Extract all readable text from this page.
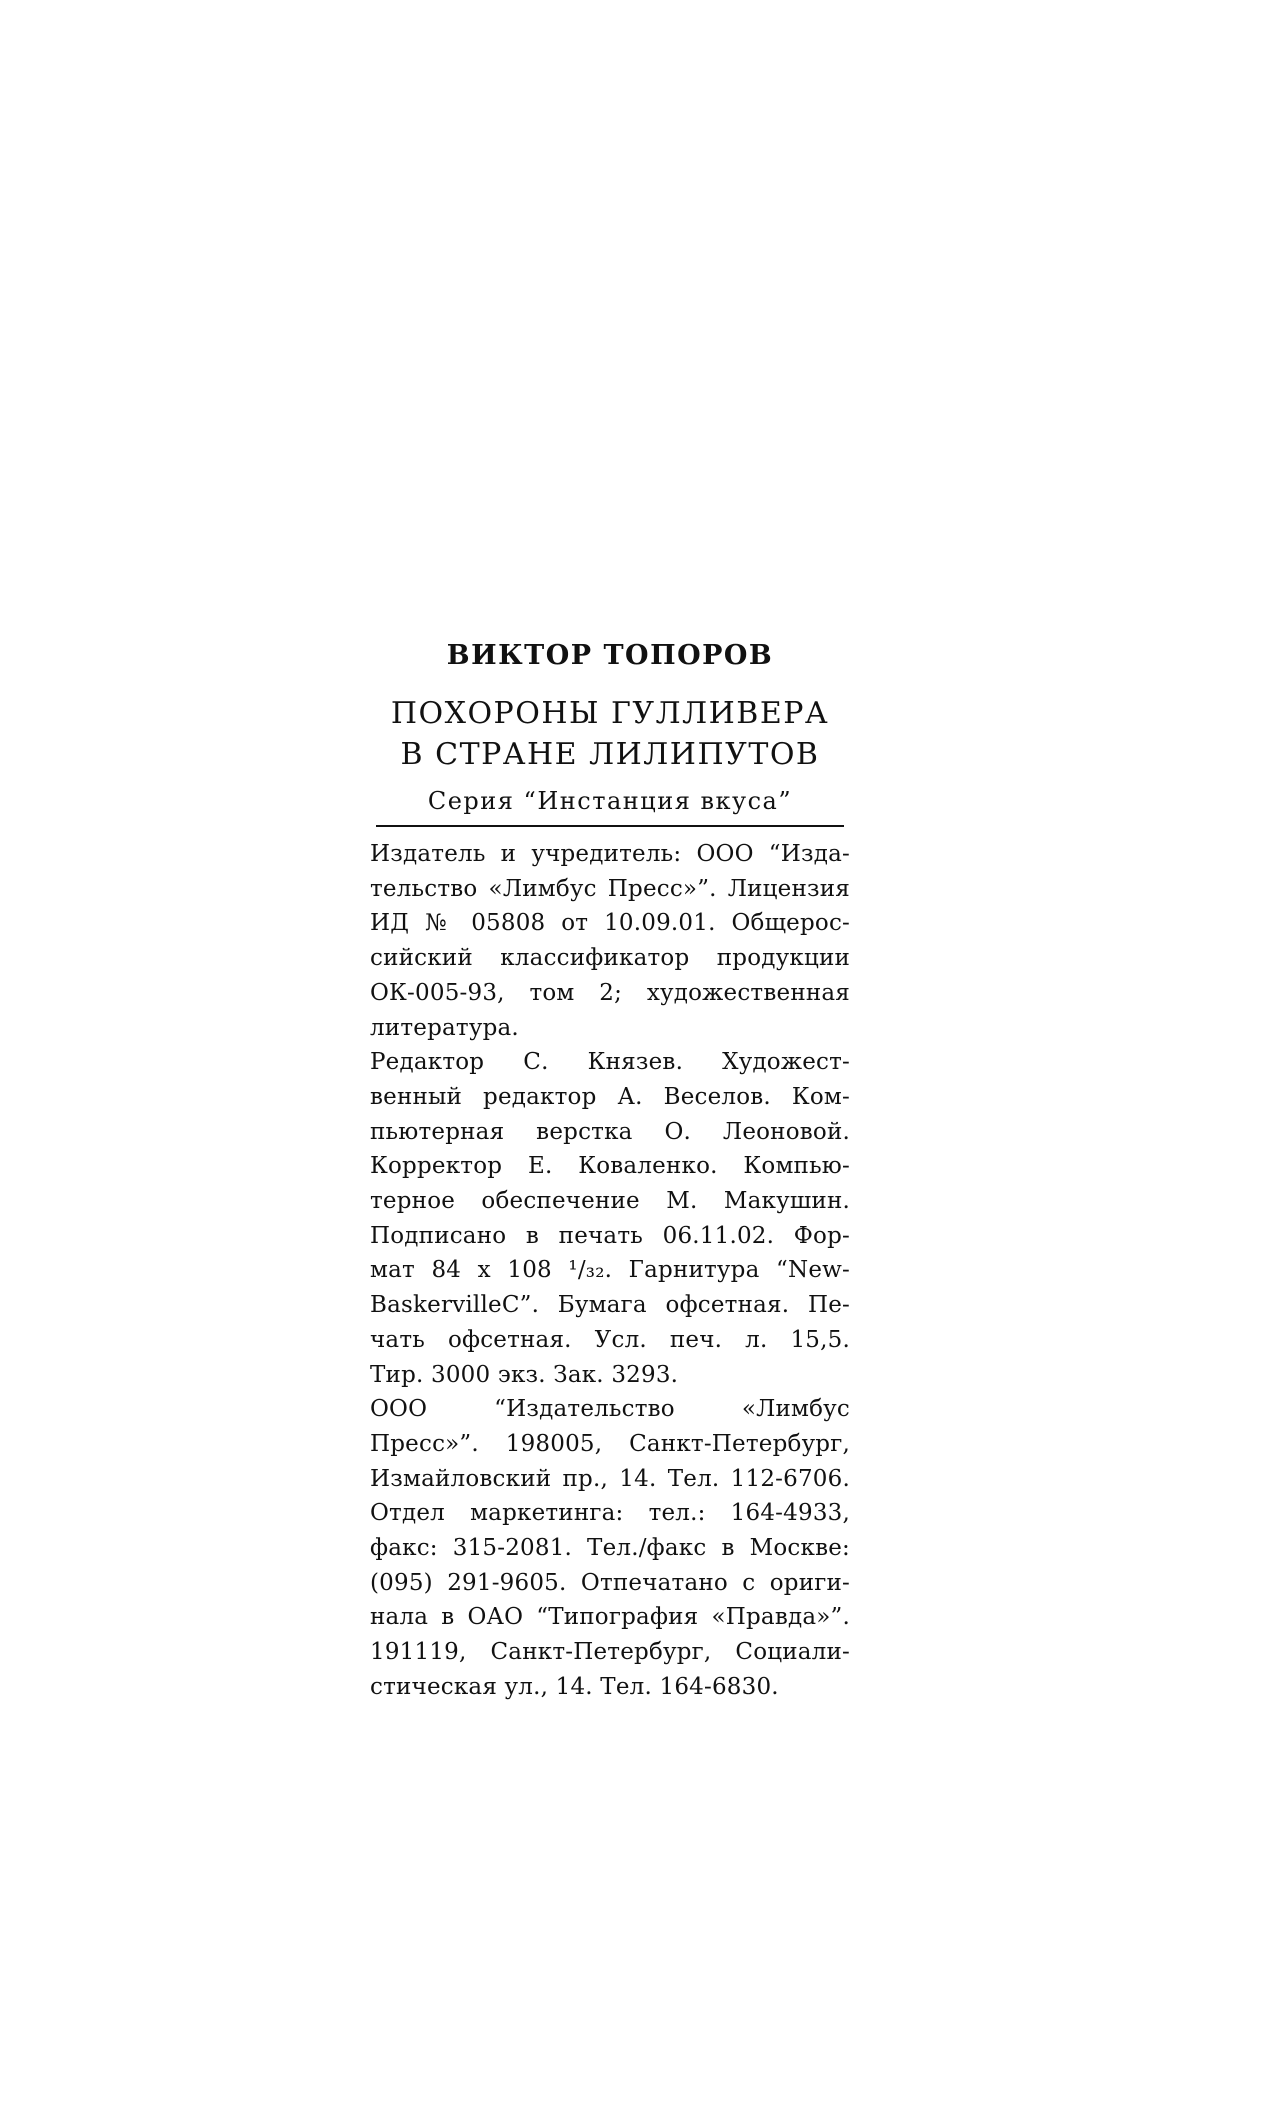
ВИКТОР ТОПОРОВ
ПОХОРОНЫ ГУЛЛИВЕРА
В СТРАНЕ ЛИЛИПУТОВ
Серия “Инстанция вкуса”

Издатель и учредитель: ООО “Изда-
тельство «Лимбус Пресс»”. Лицензия
ИД № 05808 от 10.09.01. Общерос-
сийский классификатор продукции
ОК-005-93, том 2; художественная
литература.

Редактор С. Князев. Художест-
венный редактор А. Веселов. Ком-
пьютерная верстка О. Леоновой.
Корректор Е. Коваленко. Компью-
терное обеспечение М. Макушин.
Подписано в печать 06.11.02. Фор-
мат 84 x 108 ¹/₃₂. Гарнитура “New-
BaskervilleC”. Бумага офсетная. Пе-
чать офсетная. Усл. печ. л. 15,5.
Тир. 3000 экз. Зак. 3293.

ООО “Издательство «Лимбус
Пресс»”. 198005, Санкт-Петербург,
Измайловский пр., 14. Тел. 112-6706.
Отдел маркетинга: тел.: 164-4933,
факс: 315-2081. Тел./факс в Москве:
(095) 291-9605. Отпечатано с ориги-
нала в ОАО “Типография «Правда»”.
191119, Санкт-Петербург, Социали-
стическая ул., 14. Тел. 164-6830.
